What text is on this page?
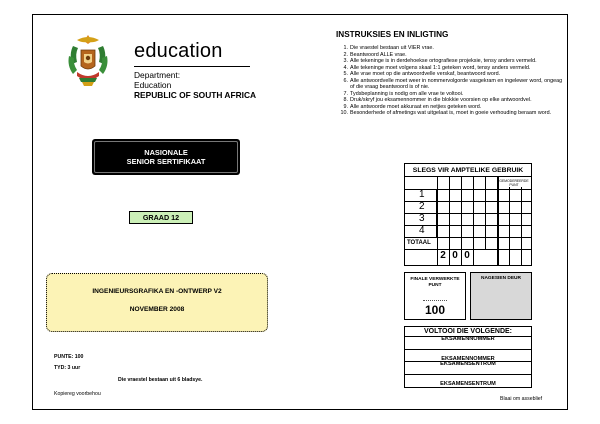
education
Department:
Education
REPUBLIC OF SOUTH AFRICA
INSTRUKSIES EN INLIGTING
1. Die vraestel bestaan uit VIER vrae.
2. Beantwoord ALLE vrae.
3. Alle tekeninge is in derdehoekse ortografiese projeksie, tensy anders vermeld.
4. Alle tekeninge moet volgens skaal 1:1 geteken word, tensy anders vermeld.
5. Alle vrae moet op die antwoordvelle verskaf, beantwoord word.
6. Alle antwoordvelle moet weer in nommervolgorde vasgekram en ingelewer word, ongeag of die vraag beantwoord is of nie.
7. Tydsbeplanning is nodig om alle vrae te voltooi.
8. Druk/skryf jou eksamennommer in die blokkie voorsien op elke antwoordvel.
9. Alle antwoorde moet akkuraat en netjies geteken word.
10. Besonderhede of afmetings wat uitgelaat is, moet in goeie verhouding beraam word.
NASIONALE
SENIOR SERTIFIKAAT
GRAAD 12
INGENIEURSGRAFIKA EN -ONTWERP V2
NOVEMBER 2008
PUNTE: 100
TYD: 3 uur
Die vraestel bestaan uit 6 bladsye.
Kopiereg voorbehou
Blaai om asseblief
SLEGS VIR AMPTELIKE GEBRUIK
GEMODEREERDE PUNT
1
2
3
4
TOTAAL
2 0 0
FINALE VERWERKTE
PUNT
100
NAGESIEN DEUR
VOLTOOI DIE VOLGENDE:
EKSAMENNOMMER
EKSAMENNOMMER
EKSAMENSENTRUM
EKSAMENSENTRUM
